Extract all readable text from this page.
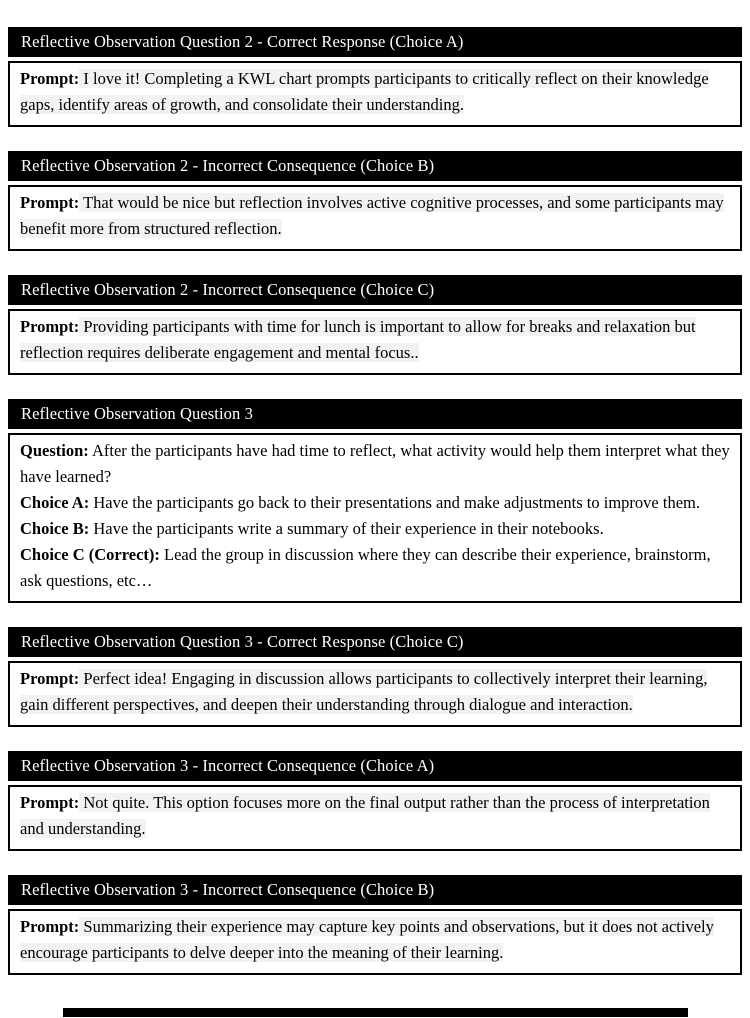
Reflective Observation Question 2 - Correct Response (Choice A)

Prompt: I love it! Completing a KWL chart prompts participants to critically reflect on their knowledge gaps, identify areas of growth, and consolidate their understanding.

Reflective Observation 2 - Incorrect Consequence (Choice B)

Prompt: That would be nice but reflection involves active cognitive processes, and some participants may benefit more from structured reflection.

Reflective Observation 2 - Incorrect Consequence (Choice C)

Prompt: Providing participants with time for lunch is important to allow for breaks and relaxation but reflection requires deliberate engagement and mental focus..

Reflective Observation Question 3

Question: After the participants have had time to reflect, what activity would help them interpret what they have learned?

Choice A: Have the participants go back to their presentations and make adjustments to improve them.

Choice B: Have the participants write a summary of their experience in their notebooks.

Choice C (Correct): Lead the group in discussion where they can describe their experience, brainstorm, ask questions, etc…

Reflective Observation Question 3 - Correct Response (Choice C)

Prompt: Perfect idea! Engaging in discussion allows participants to collectively interpret their learning, gain different perspectives, and deepen their understanding through dialogue and interaction.

Reflective Observation 3 - Incorrect Consequence (Choice A)

Prompt: Not quite. This option focuses more on the final output rather than the process of interpretation and understanding.

Reflective Observation 3 - Incorrect Consequence (Choice B)

Prompt: Summarizing their experience may capture key points and observations, but it does not actively encourage participants to delve deeper into the meaning of their learning.
